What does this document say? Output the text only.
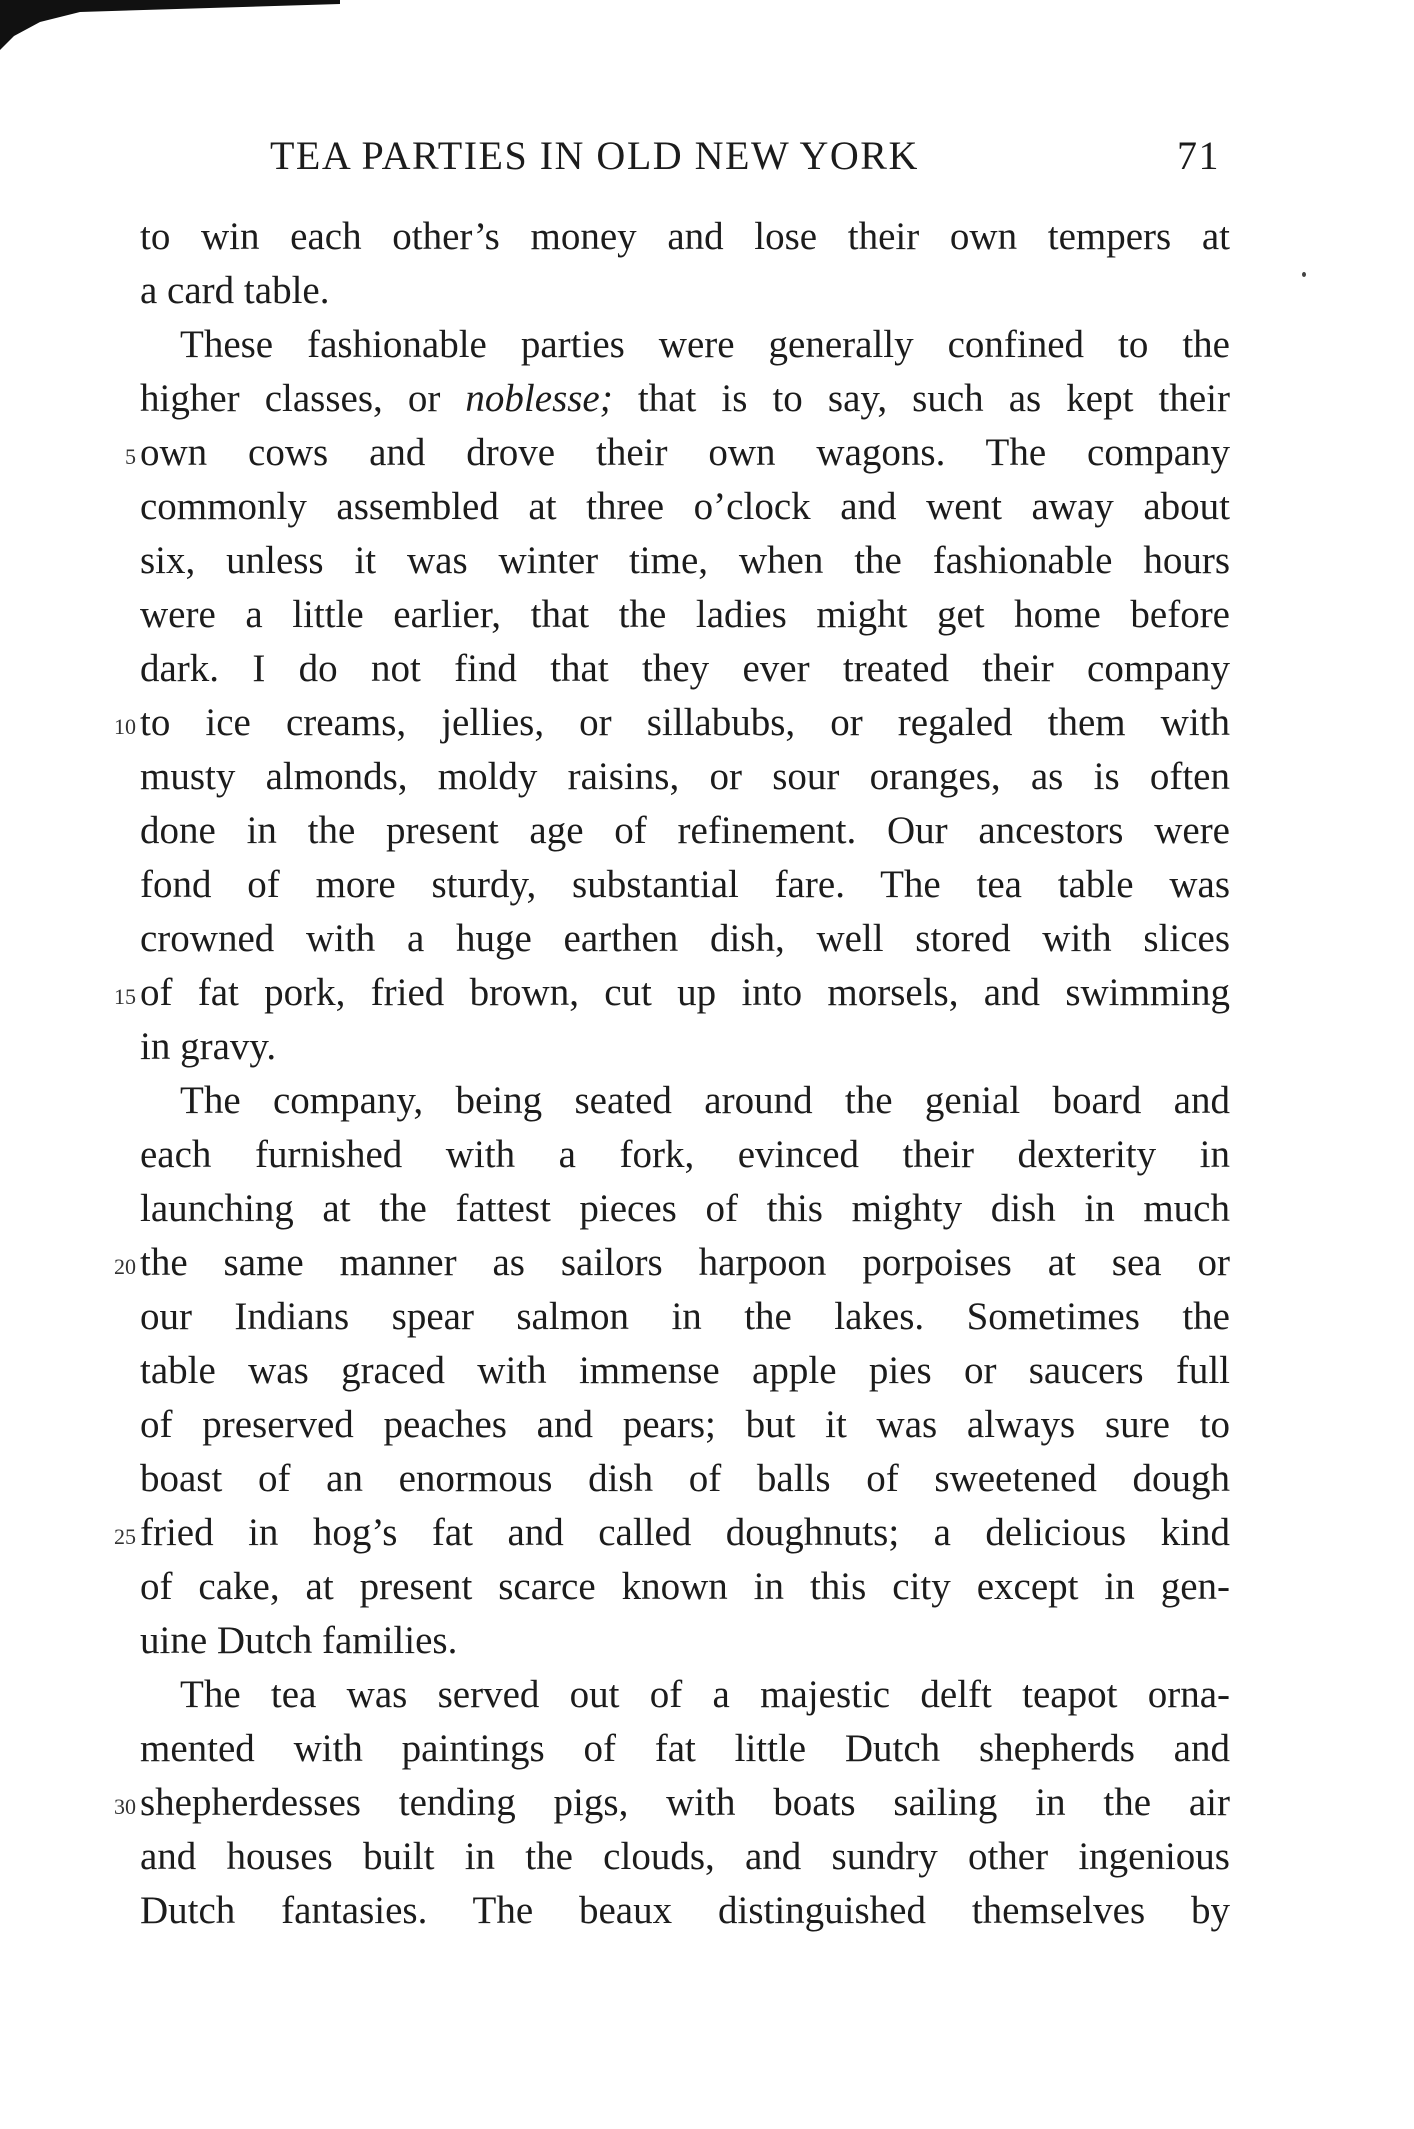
TEA PARTIES IN OLD NEW YORK	71
to win each other’s money and lose their own tempers at
a card table.
These fashionable parties were generally confined to the
higher classes, or noblesse; that is to say, such as kept their
5 own cows and drove their own wagons. The company
commonly assembled at three o’clock and went away about
six, unless it was winter time, when the fashionable hours
were a little earlier, that the ladies might get home before
dark. I do not find that they ever treated their company
10 to ice creams, jellies, or sillabubs, or regaled them with
musty almonds, moldy raisins, or sour oranges, as is often
done in the present age of refinement. Our ancestors were
fond of more sturdy, substantial fare. The tea table was
crowned with a huge earthen dish, well stored with slices
15 of fat pork, fried brown, cut up into morsels, and swimming
in gravy.
The company, being seated around the genial board and
each furnished with a fork, evinced their dexterity in
launching at the fattest pieces of this mighty dish in much
20 the same manner as sailors harpoon porpoises at sea or
our Indians spear salmon in the lakes. Sometimes the
table was graced with immense apple pies or saucers full
of preserved peaches and pears; but it was always sure to
boast of an enormous dish of balls of sweetened dough
25 fried in hog’s fat and called doughnuts; a delicious kind
of cake, at present scarce known in this city except in gen-
uine Dutch families.
The tea was served out of a majestic delft teapot orna-
mented with paintings of fat little Dutch shepherds and
30 shepherdesses tending pigs, with boats sailing in the air
and houses built in the clouds, and sundry other ingenious
Dutch fantasies. The beaux distinguished themselves by
